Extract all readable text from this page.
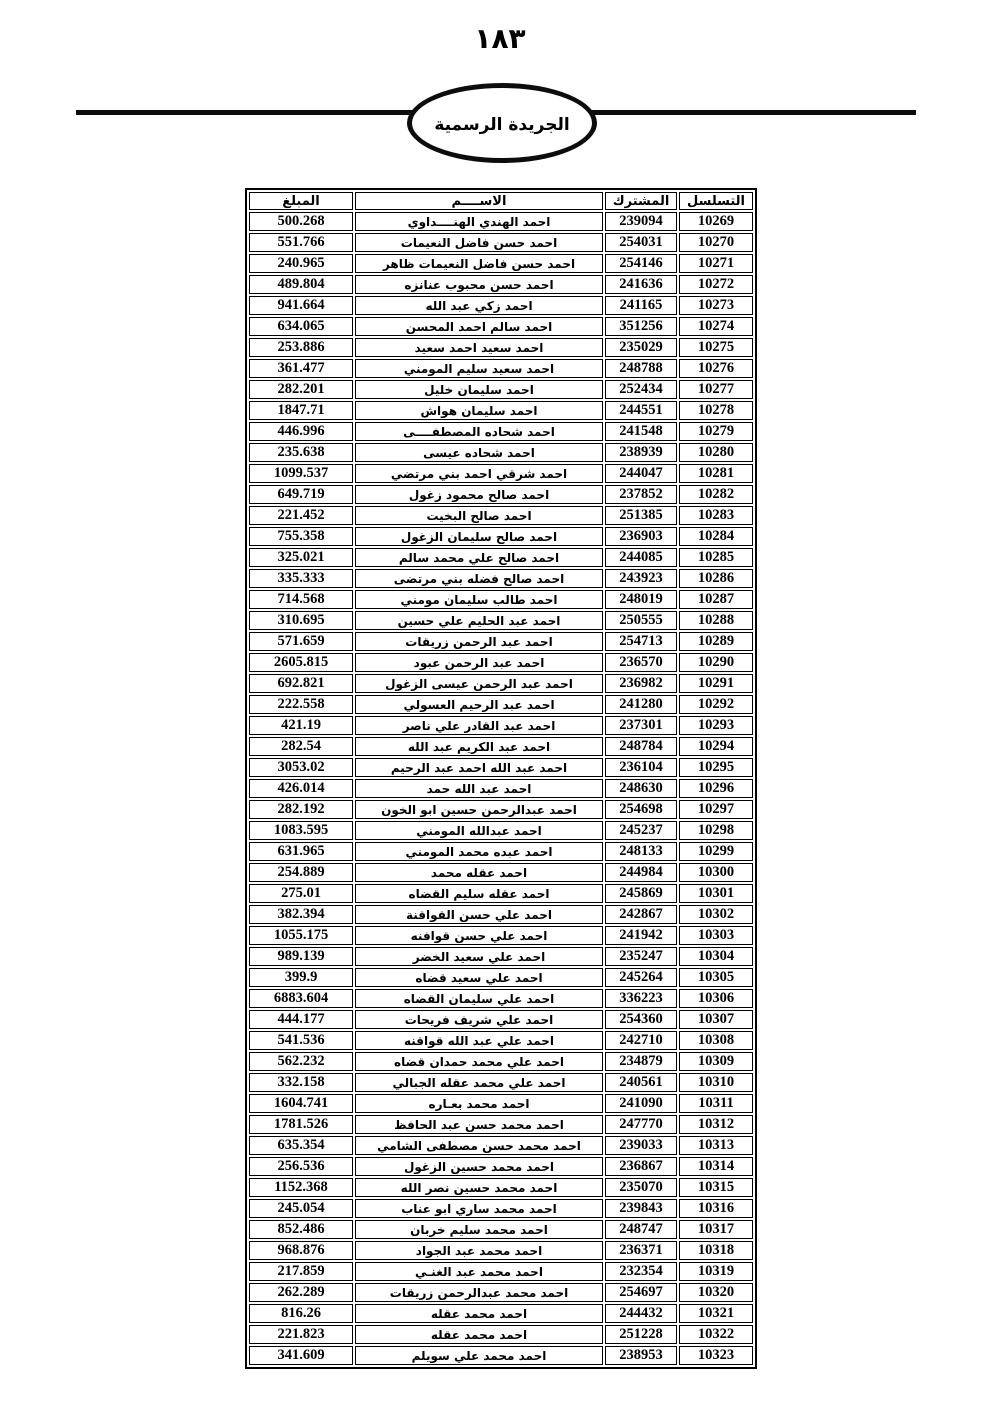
١٨٣
الجريدة الرسمية
التسلسل	المشترك	الاســــم	المبلغ
10269	239094	احمد الهندي الهنــــداوي	500.268
10270	254031	احمد حسن فاضل النعيمات	551.766
10271	254146	احمد حسن فاضل النعيمات ظاهر	240.965
10272	241636	احمد حسن محبوب عنانزه	489.804
10273	241165	احمد زكي عبد الله	941.664
10274	351256	احمد سالم احمد المحسن	634.065
10275	235029	احمد سعيد احمد سعيد	253.886
10276	248788	احمد سعيد سليم المومني	361.477
10277	252434	احمد سليمان خليل	282.201
10278	244551	احمد سليمان هواش	1847.71
10279	241548	احمد شحاده المصطفــــى	446.996
10280	238939	احمد شحاده عيسى	235.638
10281	244047	احمد شرقي احمد بني مرتضي	1099.537
10282	237852	احمد صالح محمود زغول	649.719
10283	251385	احمد صالح البخيت	221.452
10284	236903	احمد صالح سليمان الزغول	755.358
10285	244085	احمد صالح علي محمد سالم	325.021
10286	243923	احمد صالح فضله بني مرتضى	335.333
10287	248019	احمد طالب سليمان مومني	714.568
10288	250555	احمد عبد الحليم علي حسين	310.695
10289	254713	احمد عبد الرحمن زريقات	571.659
10290	236570	احمد عبد الرحمن عبود	2605.815
10291	236982	احمد عبد الرحمن عيسى الزغول	692.821
10292	241280	احمد عبد الرحيم العسولي	222.558
10293	237301	احمد عبد القادر علي ناصر	421.19
10294	248784	احمد عبد الكريم عبد الله	282.54
10295	236104	احمد عبد الله احمد عبد الرحيم	3053.02
10296	248630	احمد عبد الله حمد	426.014
10297	254698	احمد عبدالرحمن حسين ابو الخون	282.192
10298	245237	احمد عبدالله المومني	1083.595
10299	248133	احمد عبده محمد المومني	631.965
10300	244984	احمد عقله محمد	254.889
10301	245869	احمد عقله سليم القضاه	275.01
10302	242867	احمد علي حسن القواقنة	382.394
10303	241942	احمد علي حسن قوافنه	1055.175
10304	235247	احمد علي سعيد الخضر	989.139
10305	245264	احمد علي سعيد قضاه	399.9
10306	336223	احمد علي سليمان القضاه	6883.604
10307	254360	احمد علي شريف فريحات	444.177
10308	242710	احمد علي عبد الله قواقنه	541.536
10309	234879	احمد علي محمد حمدان قضاه	562.232
10310	240561	احمد علي محمد عقله الجبالي	332.158
10311	241090	احمد محمد بعـاره	1604.741
10312	247770	احمد محمد حسن عبد الحافظ	1781.526
10313	239033	احمد محمد حسن مصطفى الشامي	635.354
10314	236867	احمد محمد حسين الزغول	256.536
10315	235070	احمد محمد حسين نصر الله	1152.368
10316	239843	احمد محمد ساري ابو عناب	245.054
10317	248747	احمد محمد سليم خربان	852.486
10318	236371	احمد محمد عبد الجواد	968.876
10319	232354	احمد محمد عبد الغنـي	217.859
10320	254697	احمد محمد عبدالرحمن زريقات	262.289
10321	244432	احمد محمد عقله	816.26
10322	251228	احمد محمد عقله	221.823
10323	238953	احمد محمد علي سويلم	341.609
